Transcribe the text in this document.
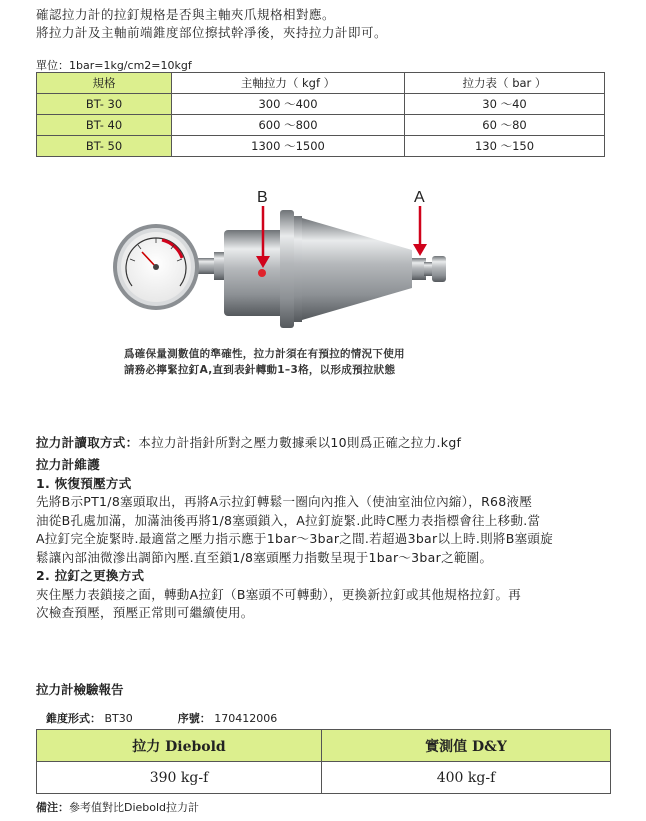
確認拉力計的拉釘規格是否與主軸夾爪規格相對應。
將拉力計及主軸前端錐度部位擦拭幹凈後，夾持拉力計即可。
單位：1bar=1kg/cm2=10kgf
規格	主軸拉力（ kgf ）	拉力表（ bar ）
BT- 30	300 ～400	30 ～40
BT- 40	600 ～800	60 ～80
BT- 50	1300 ～1500	130 ～150
B	A
爲確保量測數值的準確性，拉力計須在有預拉的情況下使用
請務必擰緊拉釘A,直到表針轉動1–3格，以形成預拉狀態
拉力計讀取方式：本拉力計指針所對之壓力數據乘以10則爲正確之拉力.kgf
拉力計維護
1. 恢復預壓方式
先將B示PT1/8塞頭取出，再將A示拉釘轉鬆一圈向內推入（使油室油位內縮），R68液壓
油從B孔處加滿，加滿油後再將1/8塞頭鎖入，A拉釘旋緊.此時C壓力表指標會往上移動.當
A拉釘完全旋緊時.最適當之壓力指示應于1bar～3bar之間.若超過3bar以上時.則將B塞頭旋
鬆讓內部油微滲出調節內壓.直至鎖1/8塞頭壓力指數呈現于1bar～3bar之範圍。
2. 拉釘之更換方式
夾住壓力表鎖接之面，轉動A拉釘（B塞頭不可轉動），更換新拉釘或其他規格拉釘。再
次檢查預壓，預壓正常則可繼續使用。
拉力計檢驗報告
錐度形式： BT30	序號： 170412006
拉力 Diebold	實測值 D&Y
390 kg-f	400 kg-f
備注：參考值對比Diebold拉力計
